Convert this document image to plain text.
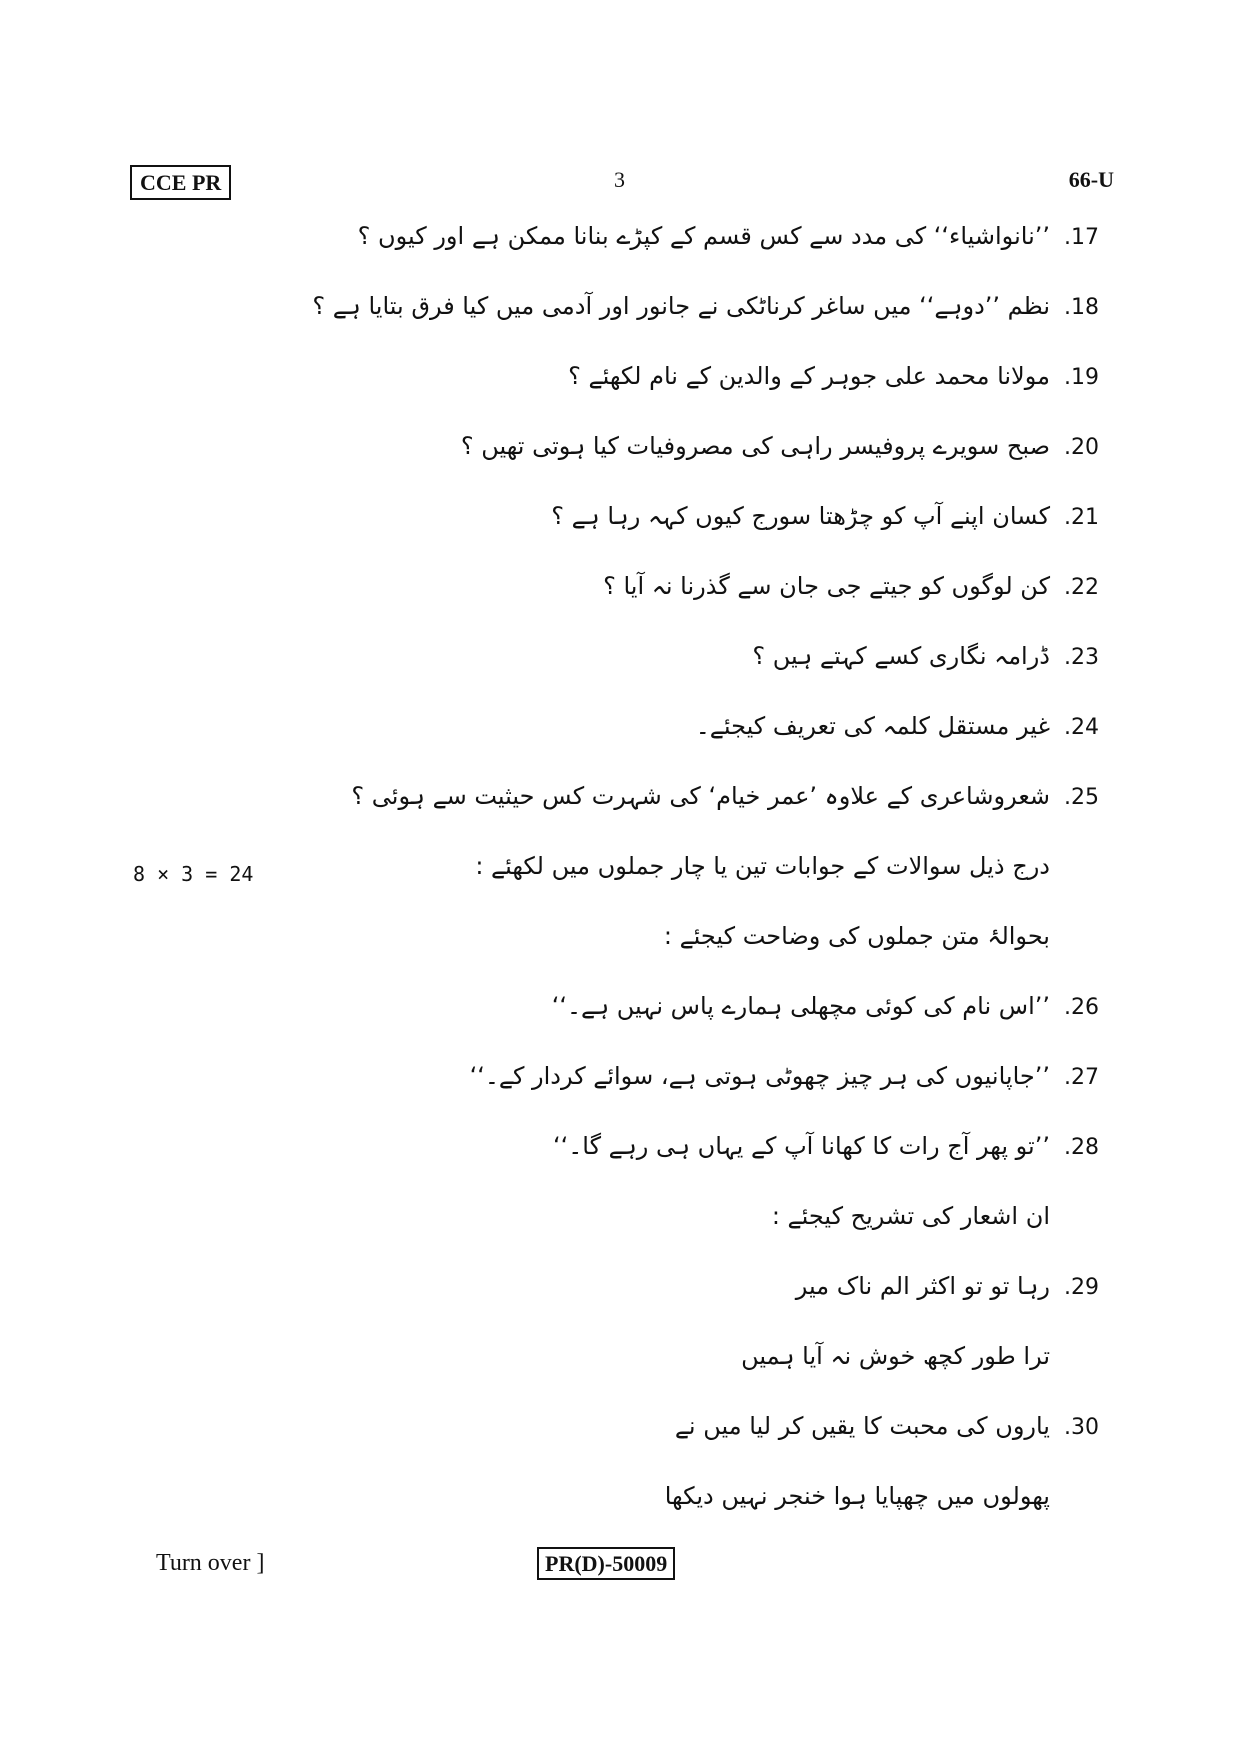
CCE PR	3	66-U
.17
’’نانواشیاء‘‘ کی مدد سے کس قسم کے کپڑے بنانا ممکن ہے اور کیوں ؟
.18
نظم ’’دوہے‘‘ میں ساغر کرناٹکی نے جانور اور آدمی میں کیا فرق بتایا ہے ؟
.19
مولانا محمد علی جوہر کے والدین کے نام لکھئے ؟
.20
صبح سویرے پروفیسر راہی کی مصروفیات کیا ہوتی تھیں ؟
.21
کسان اپنے آپ کو چڑھتا سورج کیوں کہہ رہا ہے ؟
.22
کن لوگوں کو جیتے جی جان سے گذرنا نہ آیا ؟
.23
ڈرامہ نگاری کسے کہتے ہیں ؟
.24
غیر مستقل کلمہ کی تعریف کیجئے۔
.25
شعروشاعری کے علاوہ ’عمر خیام‘ کی شہرت کس حیثیت سے ہوئی ؟
8 × 3 = 24	درج ذیل سوالات کے جوابات تین یا چار جملوں میں لکھئے :
بحوالۂ متن جملوں کی وضاحت کیجئے :
.26
’’اس نام کی کوئی مچھلی ہمارے پاس نہیں ہے۔‘‘
.27
’’جاپانیوں کی ہر چیز چھوٹی ہوتی ہے، سوائے کردار کے۔‘‘
.28
’’تو پھر آج رات کا کھانا آپ کے یہاں ہی رہے گا۔‘‘
ان اشعار کی تشریح کیجئے :
.29
رہا تو تو اکثر الم ناک میر
ترا طور کچھ خوش نہ آیا ہمیں
.30
یاروں کی محبت کا یقیں کر لیا میں نے
پھولوں میں چھپایا ہوا خنجر نہیں دیکھا
Turn over ]	PR(D)-50009
